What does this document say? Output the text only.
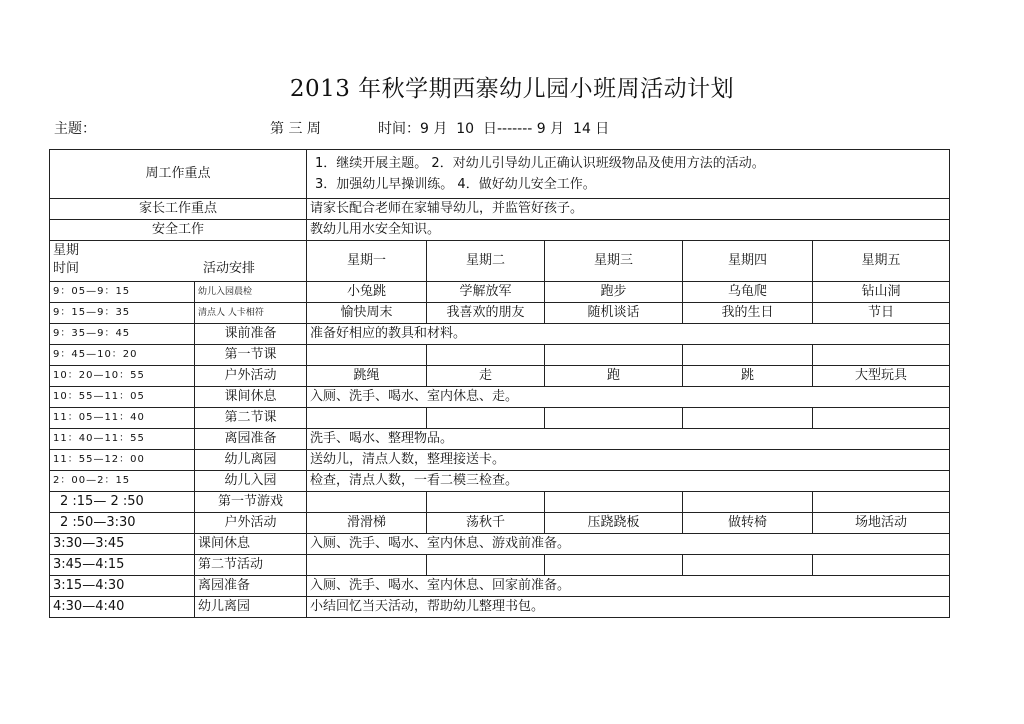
2013 年秋学期西寨幼儿园小班周活动计划
主题：	第 三 周	时间：9 月  10  日------- 9 月  14 日
周工作重点		1．继续开展主题。 2．对幼儿引导幼儿正确认识班级物品及使用方法的活动。
3．加强幼儿早操训练。 4．做好幼儿安全工作。				

家长工作重点		请家长配合老师在家辅导幼儿，并监管好孩子。				
安全工作		教幼儿用水安全知识。				

星期
时间 活动安排		星期一	星期二	星期三	星期四	星期五
9：05—9：15	幼儿入园晨检	小兔跳	学解放军	跑步	乌龟爬	钻山洞
9：15—9：35	清点人 人卡相符	愉快周末	我喜欢的朋友	随机谈话	我的生日	节日
9：35—9：45	课前准备	准备好相应的教具和材料。				
9：45—10：20	第一节课					
10：20—10：55	户外活动	跳绳	走	跑	跳	大型玩具
10：55—11：05	课间休息	入厕、洗手、喝水、室内休息、走。				
11：05—11：40	第二节课					
11：40—11：55	离园准备	洗手、喝水、整理物品。				
11：55—12：00	幼儿离园	送幼儿，清点人数，整理接送卡。				
2：00—2：15	幼儿入园	检查，清点人数，一看二模三检查。				
2 :15— 2 :50	第一节游戏					
2 :50—3:30	户外活动	滑滑梯	荡秋千	压跷跷板	做转椅	场地活动
3:30—3:45	课间休息	入厕、洗手、喝水、室内休息、游戏前准备。				
3:45—4:15	第二节活动					
3:15—4:30	离园准备	入厕、洗手、喝水、室内休息、回家前准备。				
4:30—4:40	幼儿离园	小结回忆当天活动，帮助幼儿整理书包。				
